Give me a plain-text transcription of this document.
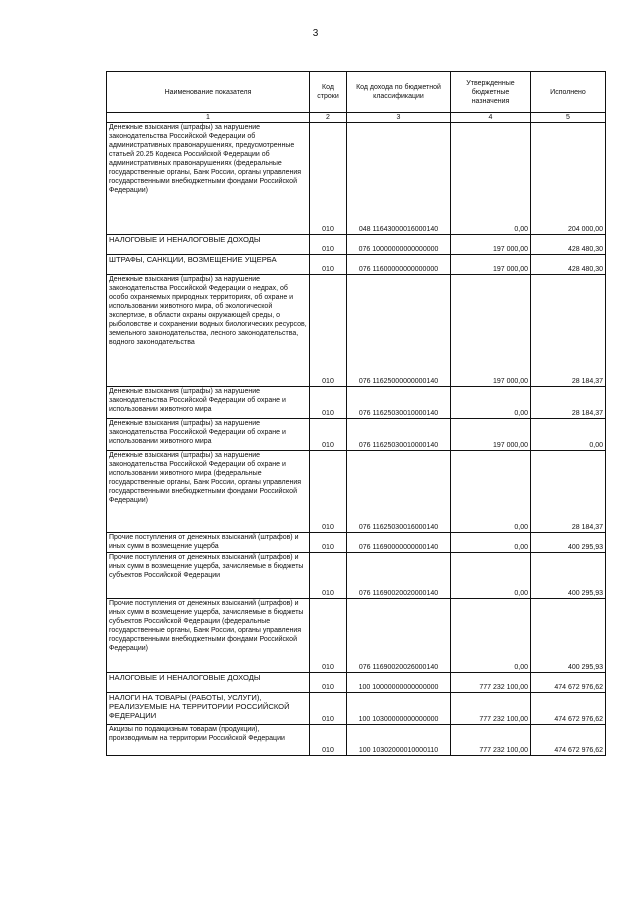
3
Наименование показателя	Код строки	Код дохода по бюджетной классификации	Утвержденные бюджетные назначения	Исполнено
1	2	3	4	5
Денежные взыскания (штрафы) за нарушение законодательства Российской Федерации об административных правонарушениях, предусмотренные статьей 20.25 Кодекса Российской Федерации об административных правонарушениях (федеральные государственные органы, Банк России, органы управления государственными внебюджетными фондами Российской Федерации)	010	048 11643000016000140	0,00	204 000,00
НАЛОГОВЫЕ И НЕНАЛОГОВЫЕ ДОХОДЫ	010	076 10000000000000000	197 000,00	428 480,30
ШТРАФЫ, САНКЦИИ, ВОЗМЕЩЕНИЕ УЩЕРБА	010	076 11600000000000000	197 000,00	428 480,30
Денежные взыскания (штрафы) за нарушение законодательства Российской Федерации о недрах, об особо охраняемых природных территориях, об охране и использовании животного мира, об экологической экспертизе, в области охраны окружающей среды, о рыболовстве и сохранении водных биологических ресурсов, земельного законодательства, лесного законодательства, водного законодательства	010	076 11625000000000140	197 000,00	28 184,37
Денежные взыскания (штрафы) за нарушение законодательства Российской Федерации об охране и использовании животного мира	010	076 11625030010000140	0,00	28 184,37
Денежные взыскания (штрафы) за нарушение законодательства Российской Федерации об охране и использовании животного мира	010	076 11625030010000140	197 000,00	0,00
Денежные взыскания (штрафы) за нарушение законодательства Российской Федерации об охране и использовании животного мира (федеральные государственные органы, Банк России, органы управления государственными внебюджетными фондами Российской Федерации)	010	076 11625030016000140	0,00	28 184,37
Прочие поступления от денежных взысканий (штрафов) и иных сумм в возмещение ущерба	010	076 11690000000000140	0,00	400 295,93
Прочие поступления от денежных взысканий (штрафов) и иных сумм в возмещение ущерба, зачисляемые в бюджеты субъектов Российской Федерации	010	076 11690020020000140	0,00	400 295,93
Прочие поступления от денежных взысканий (штрафов) и иных сумм в возмещение ущерба, зачисляемые в бюджеты субъектов Российской Федерации (федеральные государственные органы, Банк России, органы управления государственными внебюджетными фондами Российской Федерации)	010	076 11690020026000140	0,00	400 295,93
НАЛОГОВЫЕ И НЕНАЛОГОВЫЕ ДОХОДЫ	010	100 10000000000000000	777 232 100,00	474 672 976,62
НАЛОГИ НА ТОВАРЫ (РАБОТЫ, УСЛУГИ), РЕАЛИЗУЕМЫЕ НА ТЕРРИТОРИИ РОССИЙСКОЙ ФЕДЕРАЦИИ	010	100 10300000000000000	777 232 100,00	474 672 976,62
Акцизы по подакцизным товарам (продукции), производимым на территории Российской Федерации	010	100 10302000010000110	777 232 100,00	474 672 976,62
